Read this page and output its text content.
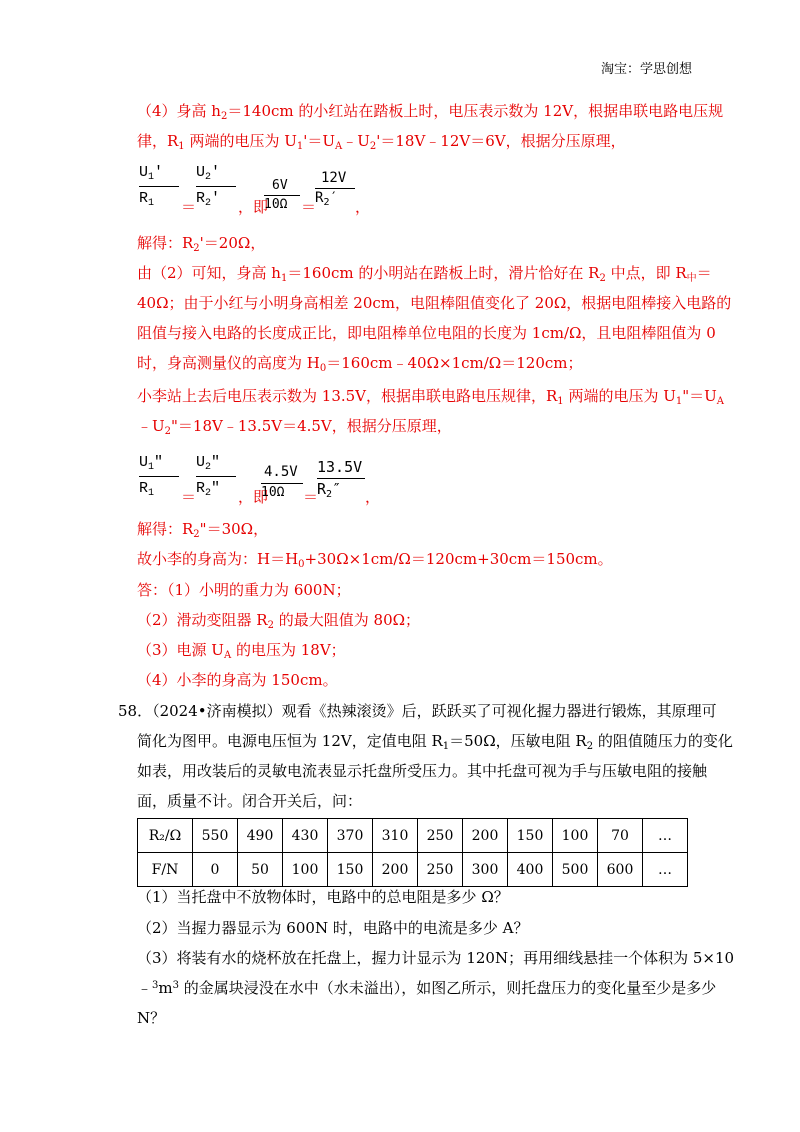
淘宝：学思创想
（4）身高 $h_2=140cm$ 的小红站在踏板上时，电压表示数为 12V，根据串联电路电压规
律，$R_1$ 两端的电压为 $U_1'=U_A﹣U_2'=18V﹣12V=6V$，根据分压原理，
$U_1'$
$R_1$ ＝
$U_2'$
$R_2'$ ，即
6V
10Ω ＝
12V
$R_2'$ ，
解得：$R_2'=20\Omega$，
由（2）可知，身高 $h_1=160cm$ 的小明站在踏板上时，滑片恰好在 $R_2$ 中点，即 $R_中=$
40Ω；由于小红与小明身高相差 20cm，电阻棒阻值变化了 20Ω，根据电阻棒接入电路的
阻值与接入电路的长度成正比，即电阻棒单位电阻的长度为 1cm/Ω，且电阻棒阻值为 0
时，身高测量仪的高度为 $H_0=160cm﹣40\Omega\times 1cm/\Omega=120cm$；
小李站上去后电压表示数为 13.5V，根据串联电路电压规律，$R_1$ 两端的电压为 $U_1"=U_A$
$﹣U_2"=18V﹣13.5V=4.5V$，根据分压原理，
$U_1''$
$R_1$ ＝
$U_2''$
$R_2''$ ，即
4.5V
10Ω ＝
13.5V
$R_2''$ ，
解得：$R_2"=30\Omega$，
故小李的身高为：$H=H_0+30\Omega\times 1cm/\Omega=120cm+30cm=150cm$。
答：（1）小明的重力为 600N；
（2）滑动变阻器 $R_2$ 的最大阻值为 80Ω；
（3）电源 $U_A$ 的电压为 18V；
（4）小李的身高为 150cm。
58．（2024•济南模拟）观看《热辣滚烫》后，跃跃买了可视化握力器进行锻炼，其原理可
简化为图甲。电源电压恒为 12V，定值电阻 $R_1=50\Omega$，压敏电阻 $R_2$ 的阻值随压力的变化
如表，用改装后的灵敏电流表显示托盘所受压力。其中托盘可视为手与压敏电阻的接触
面，质量不计。闭合开关后，问：
R₂/Ω	550	490	430	370	310	250	200	150	100	70	…
F/N	0	50	100	150	200	250	300	400	500	600	…
（1）当托盘中不放物体时，电路中的总电阻是多少 Ω？
（2）当握力器显示为 600N 时，电路中的电流是多少 A？
（3）将装有水的烧杯放在托盘上，握力计显示为 120N；再用细线悬挂一个体积为 5×10
$﹣^3m^3$ 的金属块浸没在水中（水未溢出），如图乙所示，则托盘压力的变化量至少是多少
N？
